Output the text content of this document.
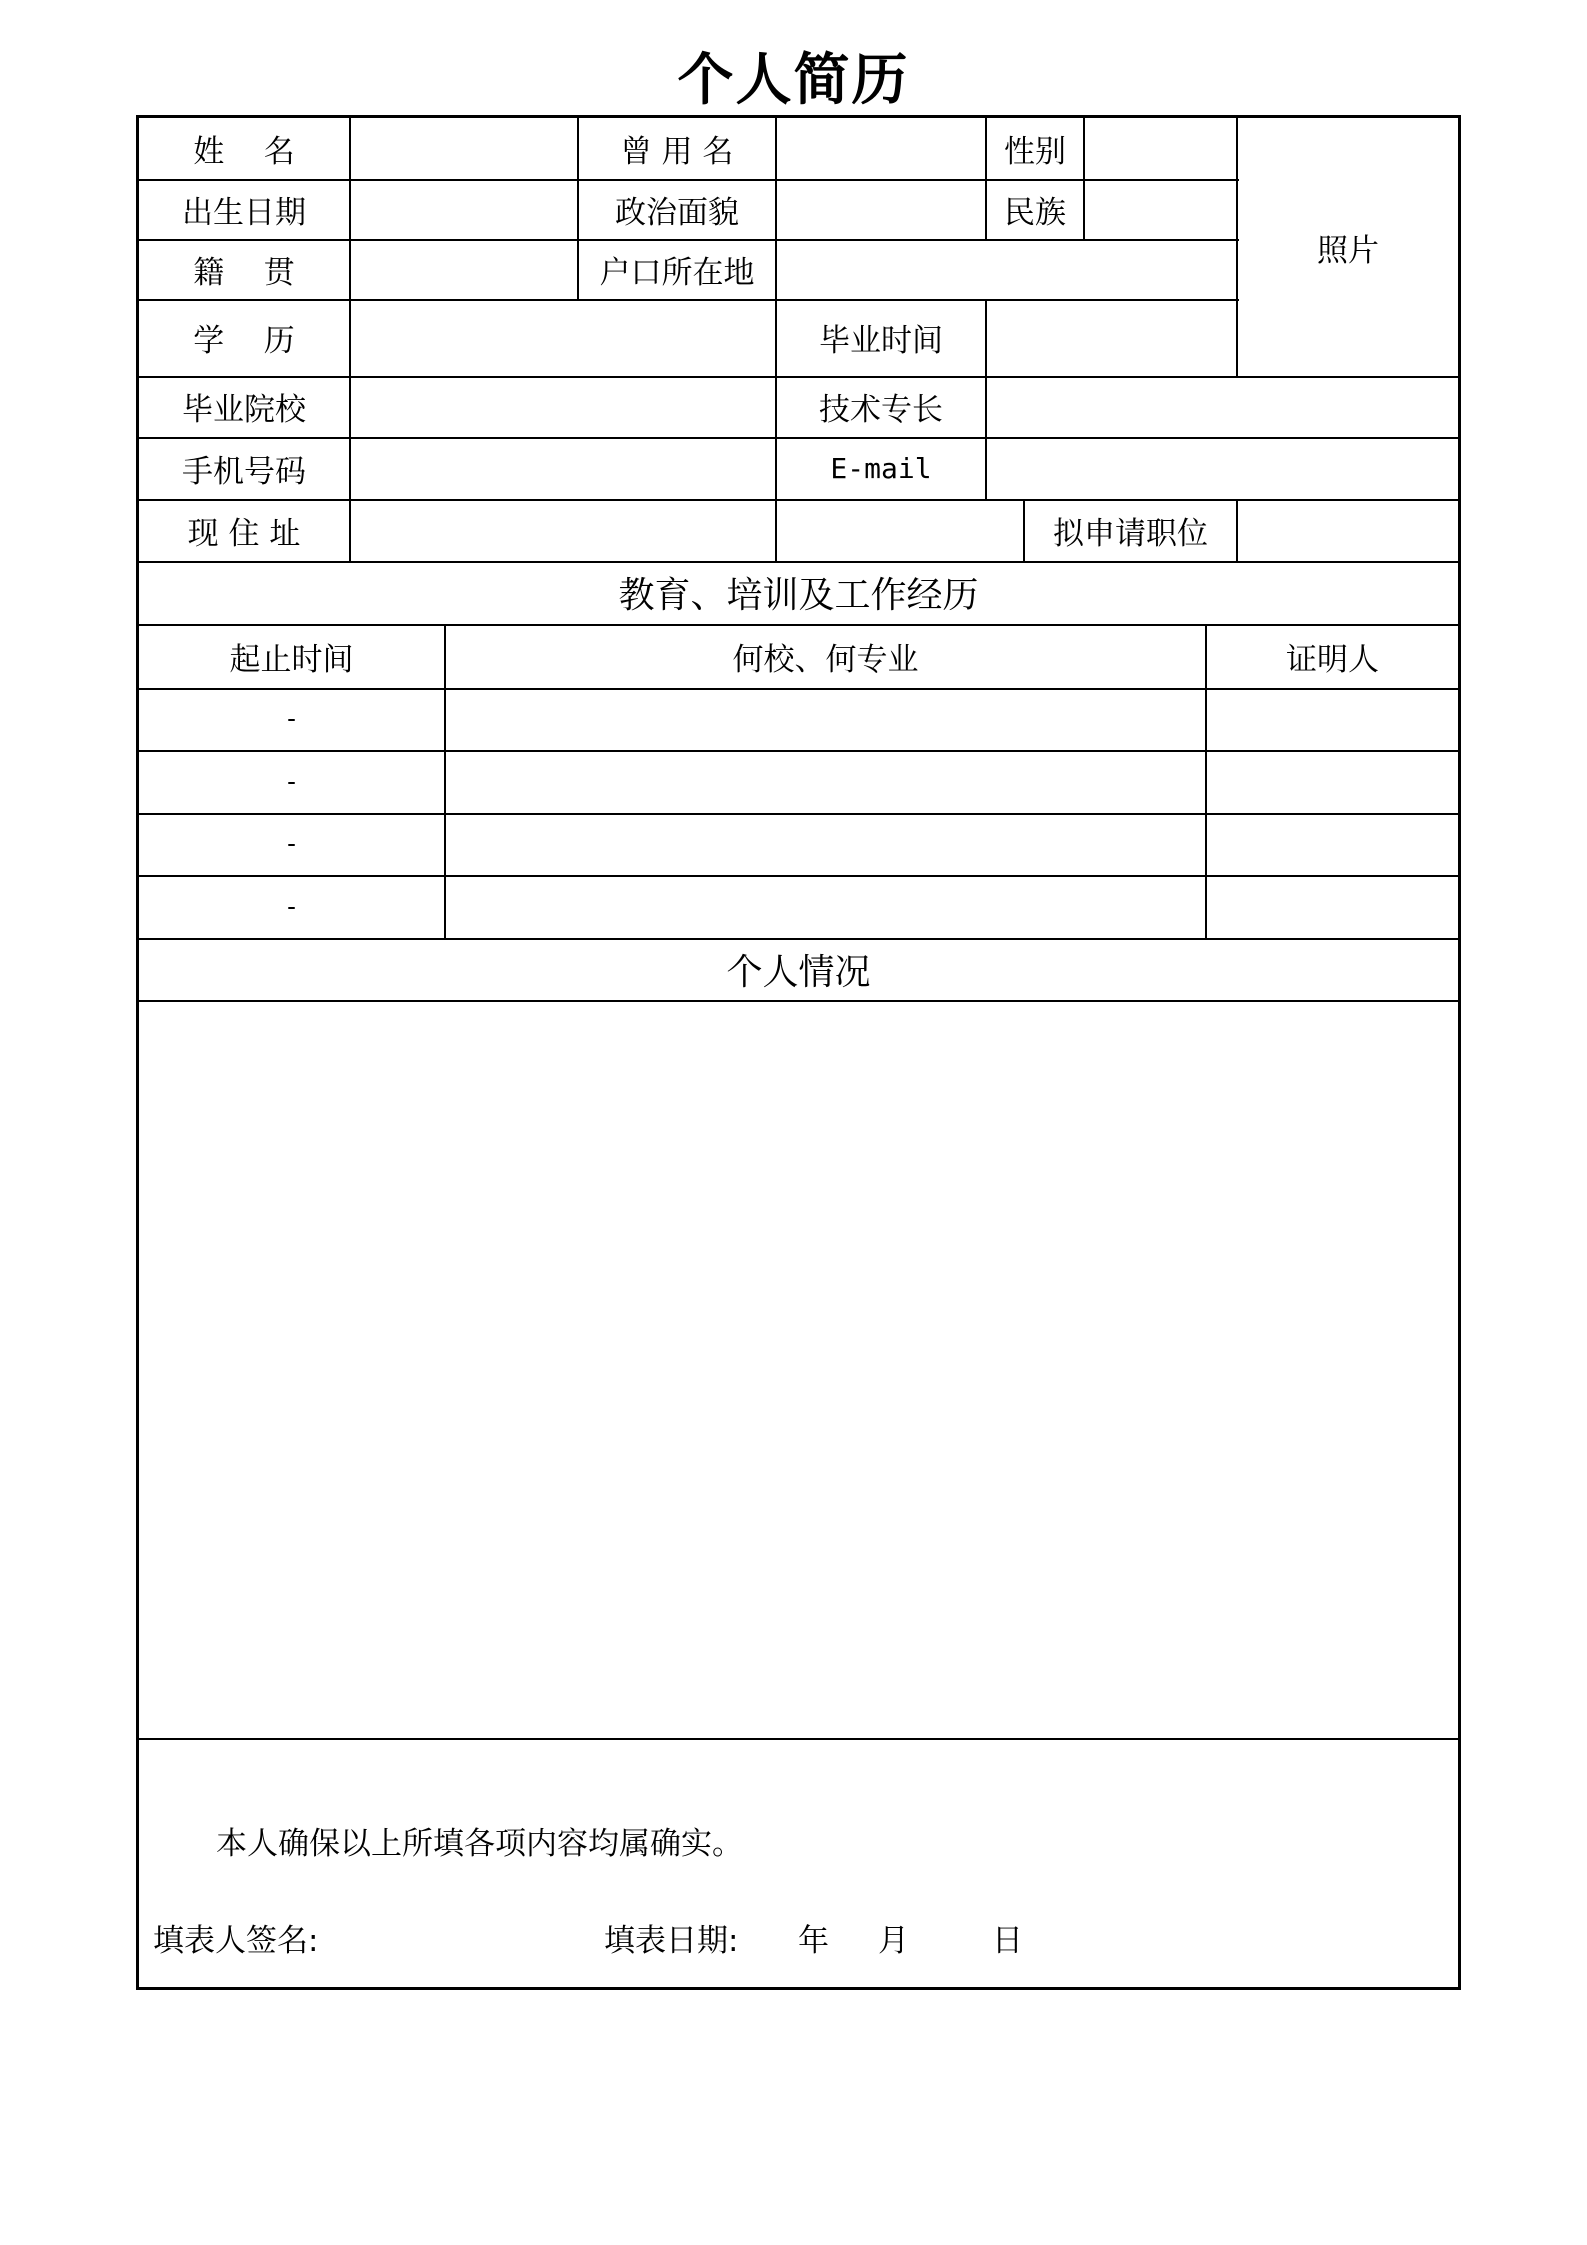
个人简历
姓    名	曾 用 名	性别
出生日期	政治面貌	民族
籍    贯	户口所在地
照片
学    历	毕业时间
毕业院校	技术专长
手机号码	E-mail
现 住 址	拟申请职位
教育、培训及工作经历
起止时间	何校、何专业	证明人
-
-
-
-
个人情况
本人确保以上所填各项内容均属确实。
填表人签名:	填表日期: 年 月	日
